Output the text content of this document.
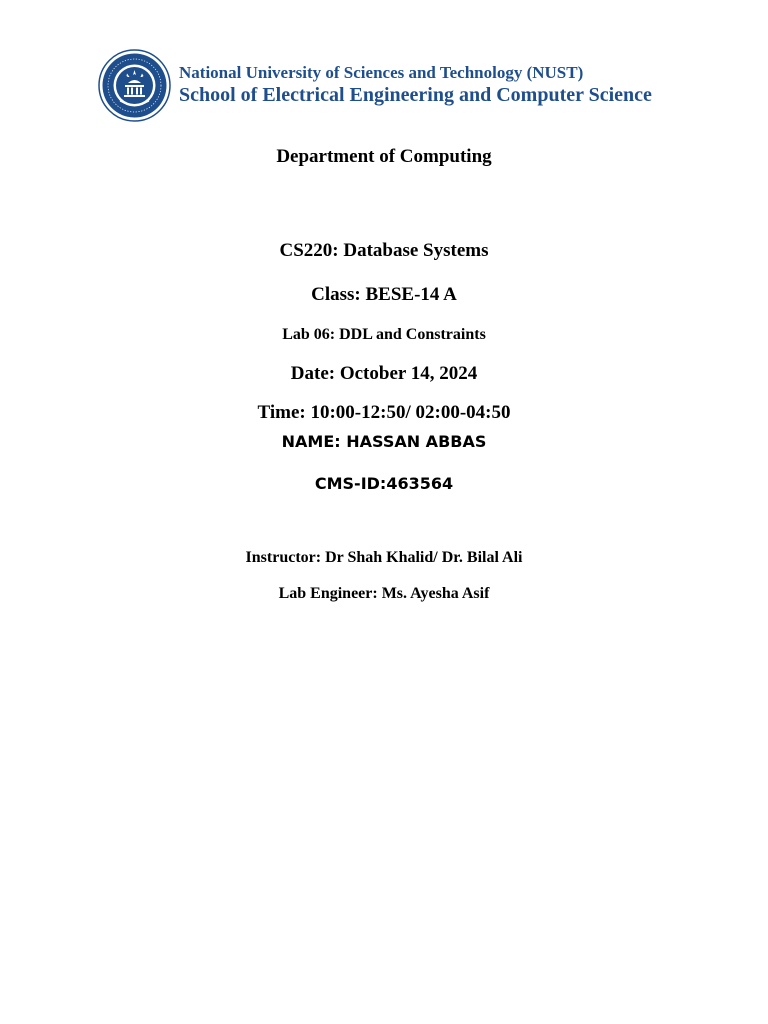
National University of Sciences and Technology (NUST)
School of Electrical Engineering and Computer Science
Department of Computing
CS220: Database Systems
Class: BESE-14 A
Lab 06: DDL and Constraints
Date: October 14, 2024
Time: 10:00-12:50/ 02:00-04:50
NAME: HASSAN ABBAS
CMS-ID:463564
Instructor: Dr Shah Khalid/ Dr. Bilal Ali
Lab Engineer: Ms. Ayesha Asif
